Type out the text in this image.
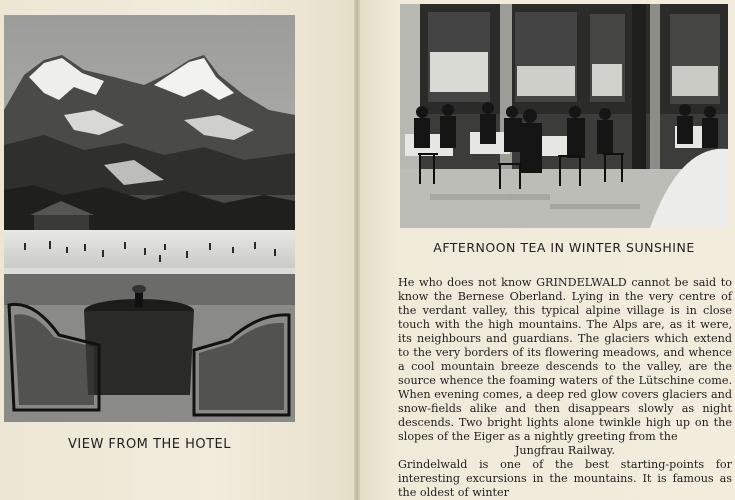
VIEW FROM THE HOTEL
AFTERNOON TEA IN WINTER SUNSHINE

He who does not know GRINDELWALD cannot be said to know the Bernese Oberland. Lying in the very centre of the verdant valley, this typical alpine village is in close touch with the high mountains. The Alps are, as it were, its neighbours and guardians. The glaciers which extend to the very borders of its flowering meadows, and whence a cool mountain breeze descends to the valley, are the source whence the foaming waters of the Lütschine come. When evening comes, a deep red glow covers glaciers and snow-fields alike and then disappears slowly as night descends. Two bright lights alone twinkle high up on the slopes of the Eiger as a nightly greeting from the

Jungfrau Railway.

Grindelwald is one of the best starting-points for interesting excursions in the mountains. It is famous as the oldest of winter
